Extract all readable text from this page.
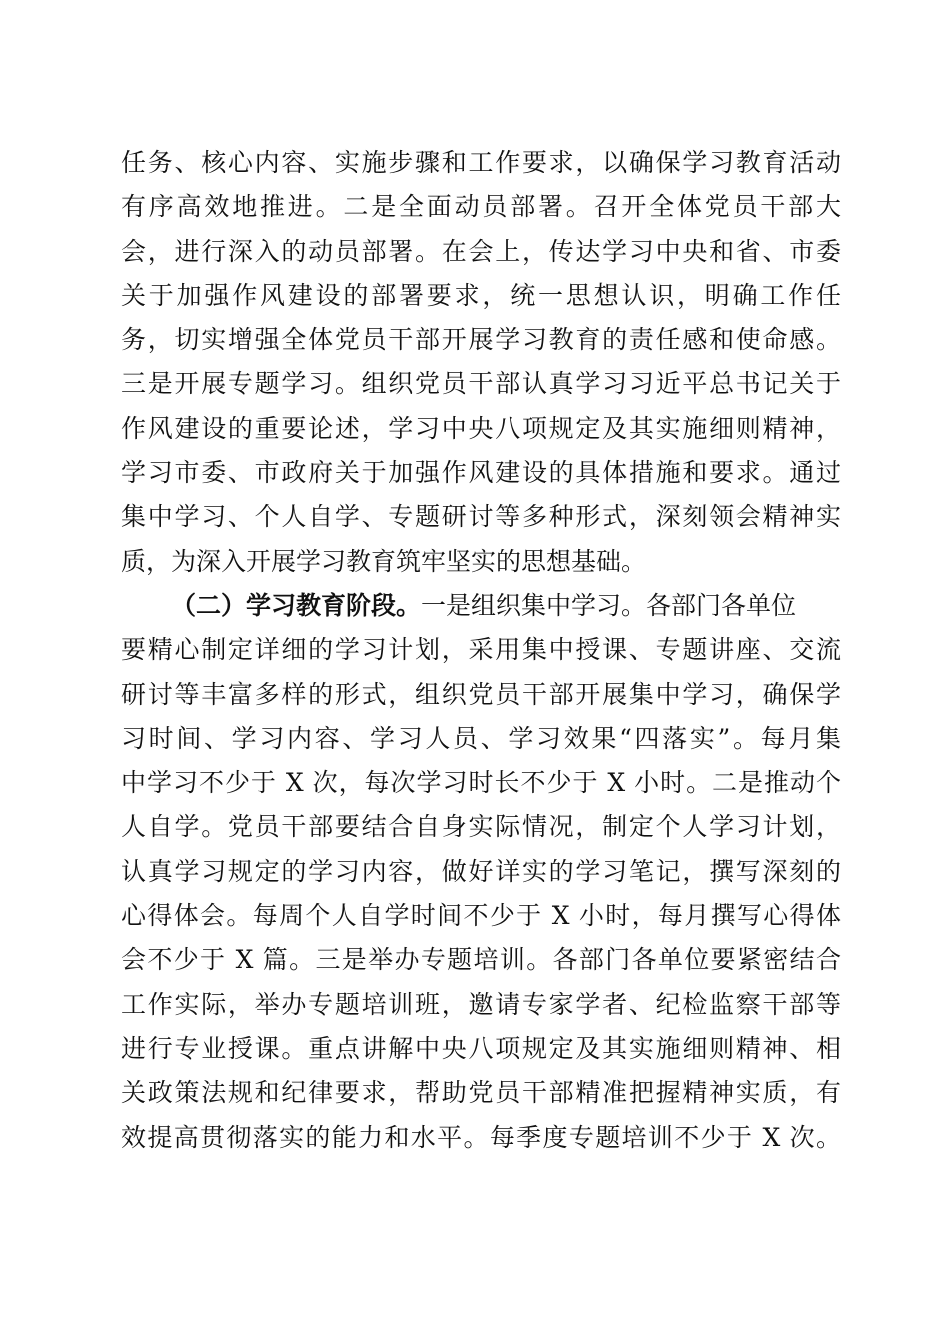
任务、核心内容、实施步骤和工作要求，以确保学习教育活动
有序高效地推进。二是全面动员部署。召开全体党员干部大
会，进行深入的动员部署。在会上，传达学习中央和省、市委
关于加强作风建设的部署要求，统一思想认识，明确工作任
务，切实增强全体党员干部开展学习教育的责任感和使命感。
三是开展专题学习。组织党员干部认真学习习近平总书记关于
作风建设的重要论述，学习中央八项规定及其实施细则精神，
学习市委、市政府关于加强作风建设的具体措施和要求。通过
集中学习、个人自学、专题研讨等多种形式，深刻领会精神实
质，为深入开展学习教育筑牢坚实的思想基础。
（二）学习教育阶段。一是组织集中学习。各部门各单位
要精心制定详细的学习计划，采用集中授课、专题讲座、交流
研讨等丰富多样的形式，组织党员干部开展集中学习，确保学
习时间、学习内容、学习人员、学习效果“四落实”。每月集
中学习不少于 X 次，每次学习时长不少于 X 小时。二是推动个
人自学。党员干部要结合自身实际情况，制定个人学习计划，
认真学习规定的学习内容，做好详实的学习笔记，撰写深刻的
心得体会。每周个人自学时间不少于 X 小时，每月撰写心得体
会不少于 X 篇。三是举办专题培训。各部门各单位要紧密结合
工作实际，举办专题培训班，邀请专家学者、纪检监察干部等
进行专业授课。重点讲解中央八项规定及其实施细则精神、相
关政策法规和纪律要求，帮助党员干部精准把握精神实质，有
效提高贯彻落实的能力和水平。每季度专题培训不少于 X 次。
